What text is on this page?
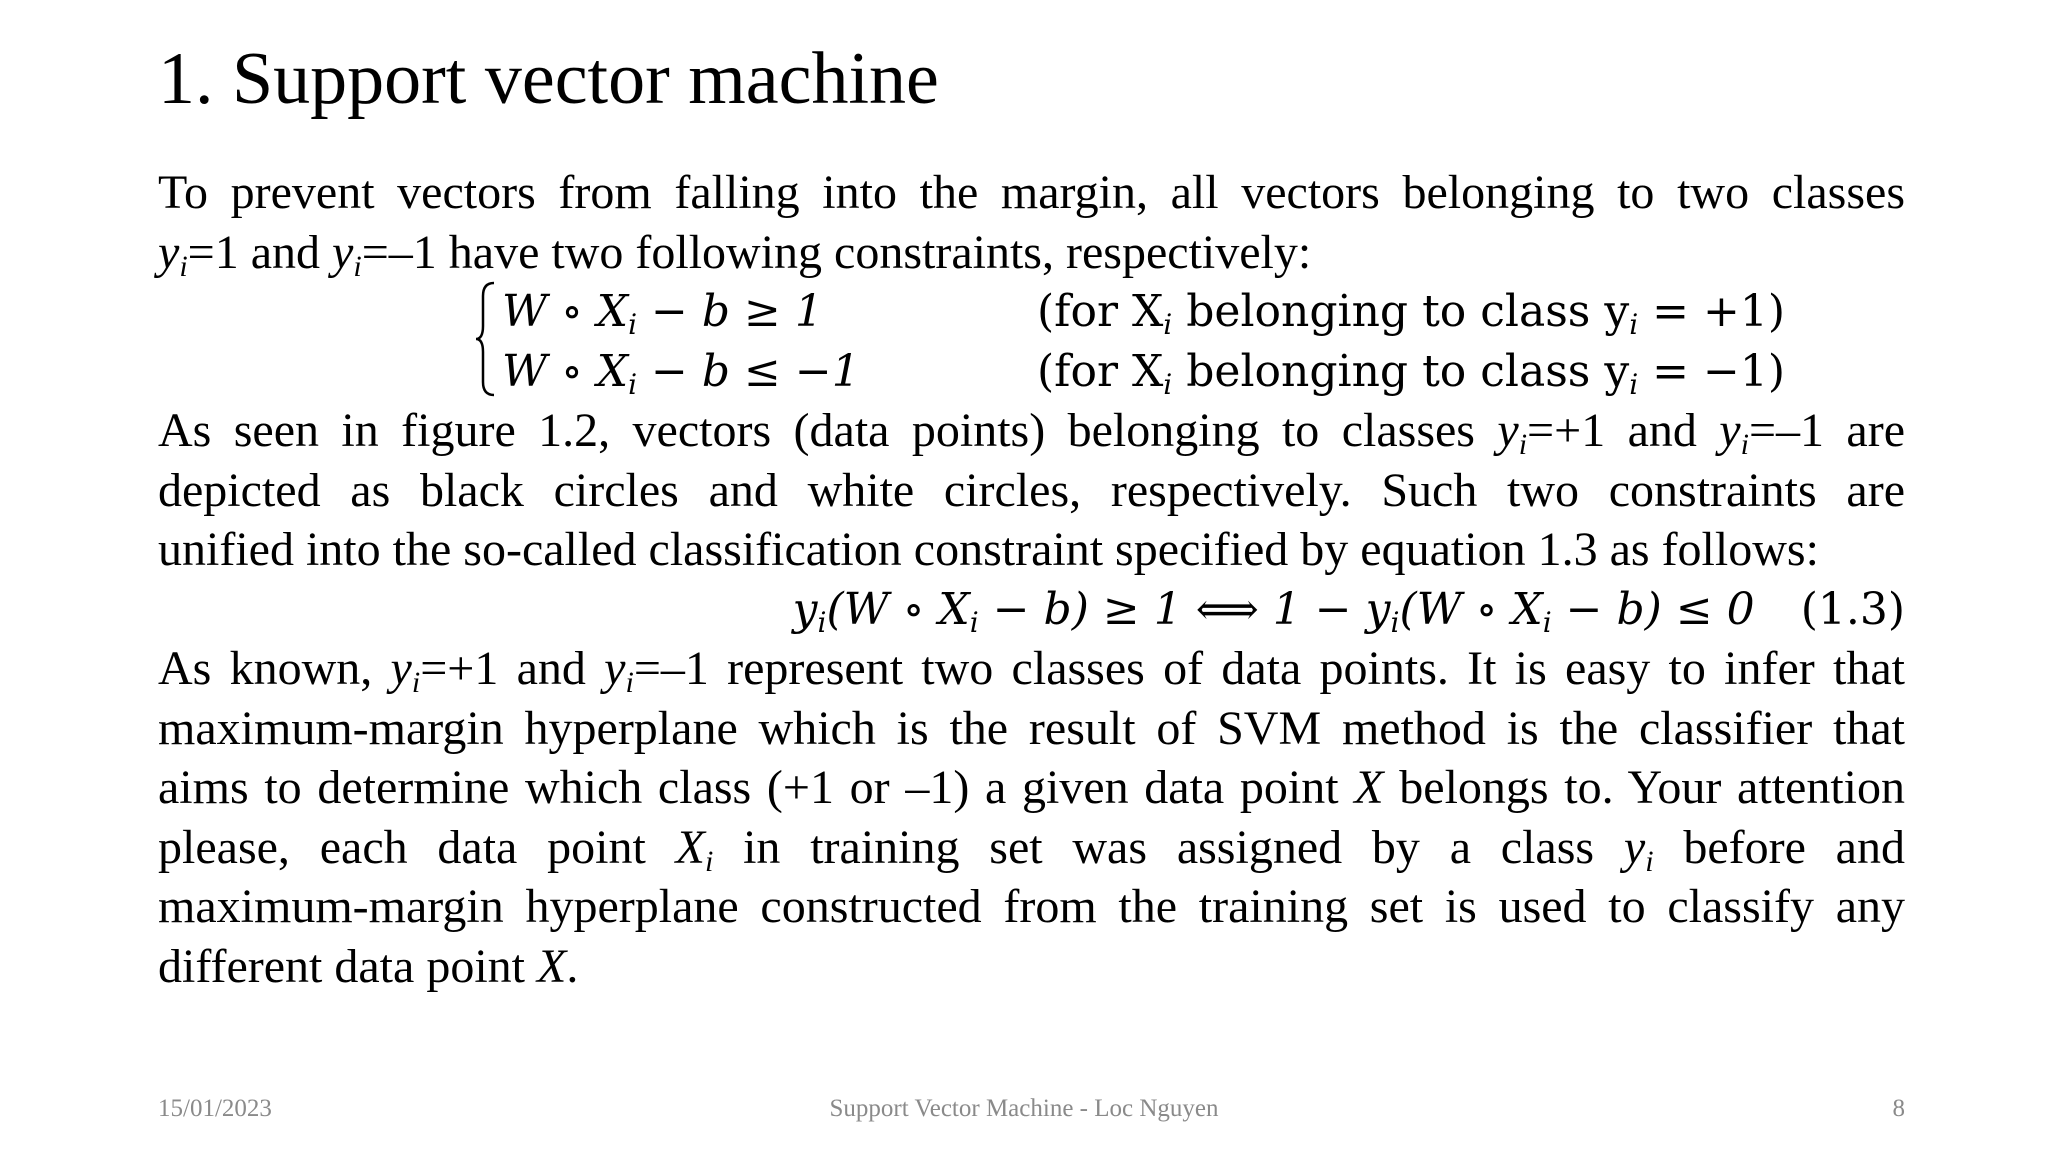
1. Support vector machine
To prevent vectors from falling into the margin, all vectors belonging to two classes
$y_i=1$ and $y_i=-1$ have two following constraints, respectively:
W ∘ $X_i - b \ge 1$	(for $X_i$ belonging to class $y_i = +1$)
W ∘ $X_i - b \le -1$	(for $X_i$ belonging to class $y_i = -1$)
As seen in figure 1.2, vectors (data points) belonging to classes $y_i=+1$ and $y_i=-1$ are
depicted as black circles and white circles, respectively. Such two constraints are
unified into the so-called classification constraint specified by equation 1.3 as follows:
$y_i(W$ ∘ $X_i - b) \ge 1$ ⟺ $1 - y_i(W$ ∘ $X_i - b) \le 0$ (1.3)
As known, $y_i=+1$ and $y_i=-1$ represent two classes of data points. It is easy to infer that
maximum-margin hyperplane which is the result of SVM method is the classifier that
aims to determine which class (+1 or –1) a given data point X belongs to. Your attention
please, each data point $X_i$ in training set was assigned by a class $y_i$ before and
maximum-margin hyperplane constructed from the training set is used to classify any
different data point X.
15/01/2023	Support Vector Machine - Loc Nguyen	8
